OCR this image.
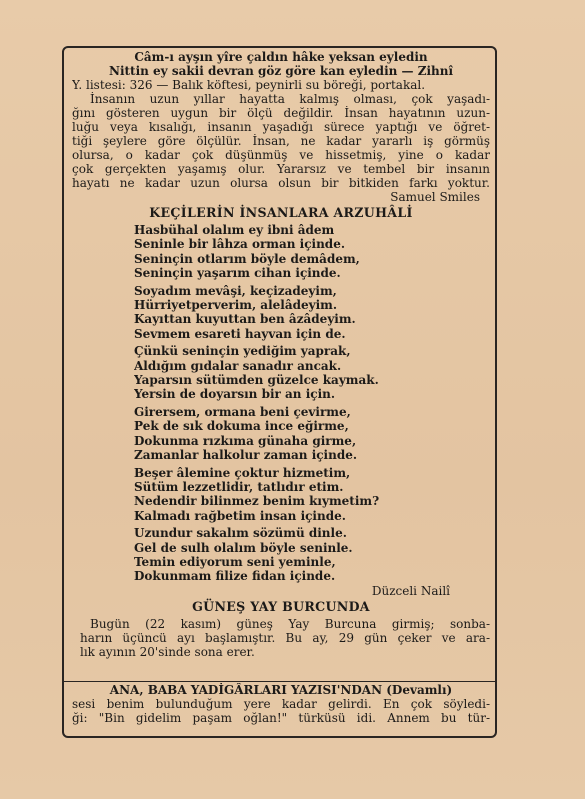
Câm-ı ayşın yîre çaldın hâke yeksan eyledin
Nittin ey sakii devran göz göre kan eyledin — Zihnî
Y. listesi: 326 — Balık köftesi, peynirli su böreği, portakal.
İnsanın uzun yıllar hayatta kalmış olması, çok yaşadı-
ğını gösteren uygun bir ölçü değildir. İnsan hayatının uzun-
luğu veya kısalığı, insanın yaşadığı sürece yaptığı ve öğret-
tiği şeylere göre ölçülür. İnsan, ne kadar yararlı iş görmüş
olursa, o kadar çok düşünmüş ve hissetmiş, yine o kadar
çok gerçekten yaşamış olur. Yararsız ve tembel bir insanın
hayatı ne kadar uzun olursa olsun bir bitkiden farkı yoktur.
Samuel Smiles
KEÇİLERİN İNSANLARA ARZUHÂLİ
Hasbühal olalım ey ibni âdem
Seninle bir lâhza orman içinde.
Seninçin otlarım böyle demâdem,
Seninçin yaşarım cihan içinde.
Soyadım mevâşi, keçizadeyim,
Hürriyetperverim, alelâdeyim.
Kayıttan kuyuttan ben âzâdeyim.
Sevmem esareti hayvan için de.
Çünkü seninçin yediğim yaprak,
Aldığım gıdalar sanadır ancak.
Yaparsın sütümden güzelce kaymak.
Yersin de doyarsın bir an için.
Girersem, ormana beni çevirme,
Pek de sık dokuma ince eğirme,
Dokunma rızkıma günaha girme,
Zamanlar halkolur zaman içinde.
Beşer âlemine çoktur hizmetim,
Sütüm lezzetlidir, tatlıdır etim.
Nedendir bilinmez benim kıymetim?
Kalmadı rağbetim insan içinde.
Uzundur sakalım sözümü dinle.
Gel de sulh olalım böyle seninle.
Temin ediyorum seni yeminle,
Dokunmam filize fidan içinde.
Düzceli Nailî
GÜNEŞ YAY BURCUNDA
Bugün (22 kasım) güneş Yay Burcuna girmiş; sonba-
harın üçüncü ayı başlamıştır. Bu ay, 29 gün çeker ve ara-
lık ayının 20'sinde sona erer.
ANA, BABA YADİGÂRLARI YAZISI'NDAN (Devamlı)
sesi benim bulunduğum yere kadar gelirdi. En çok söyledi-
ği: "Bin gidelim paşam oğlan!" türküsü idi. Annem bu tür-
